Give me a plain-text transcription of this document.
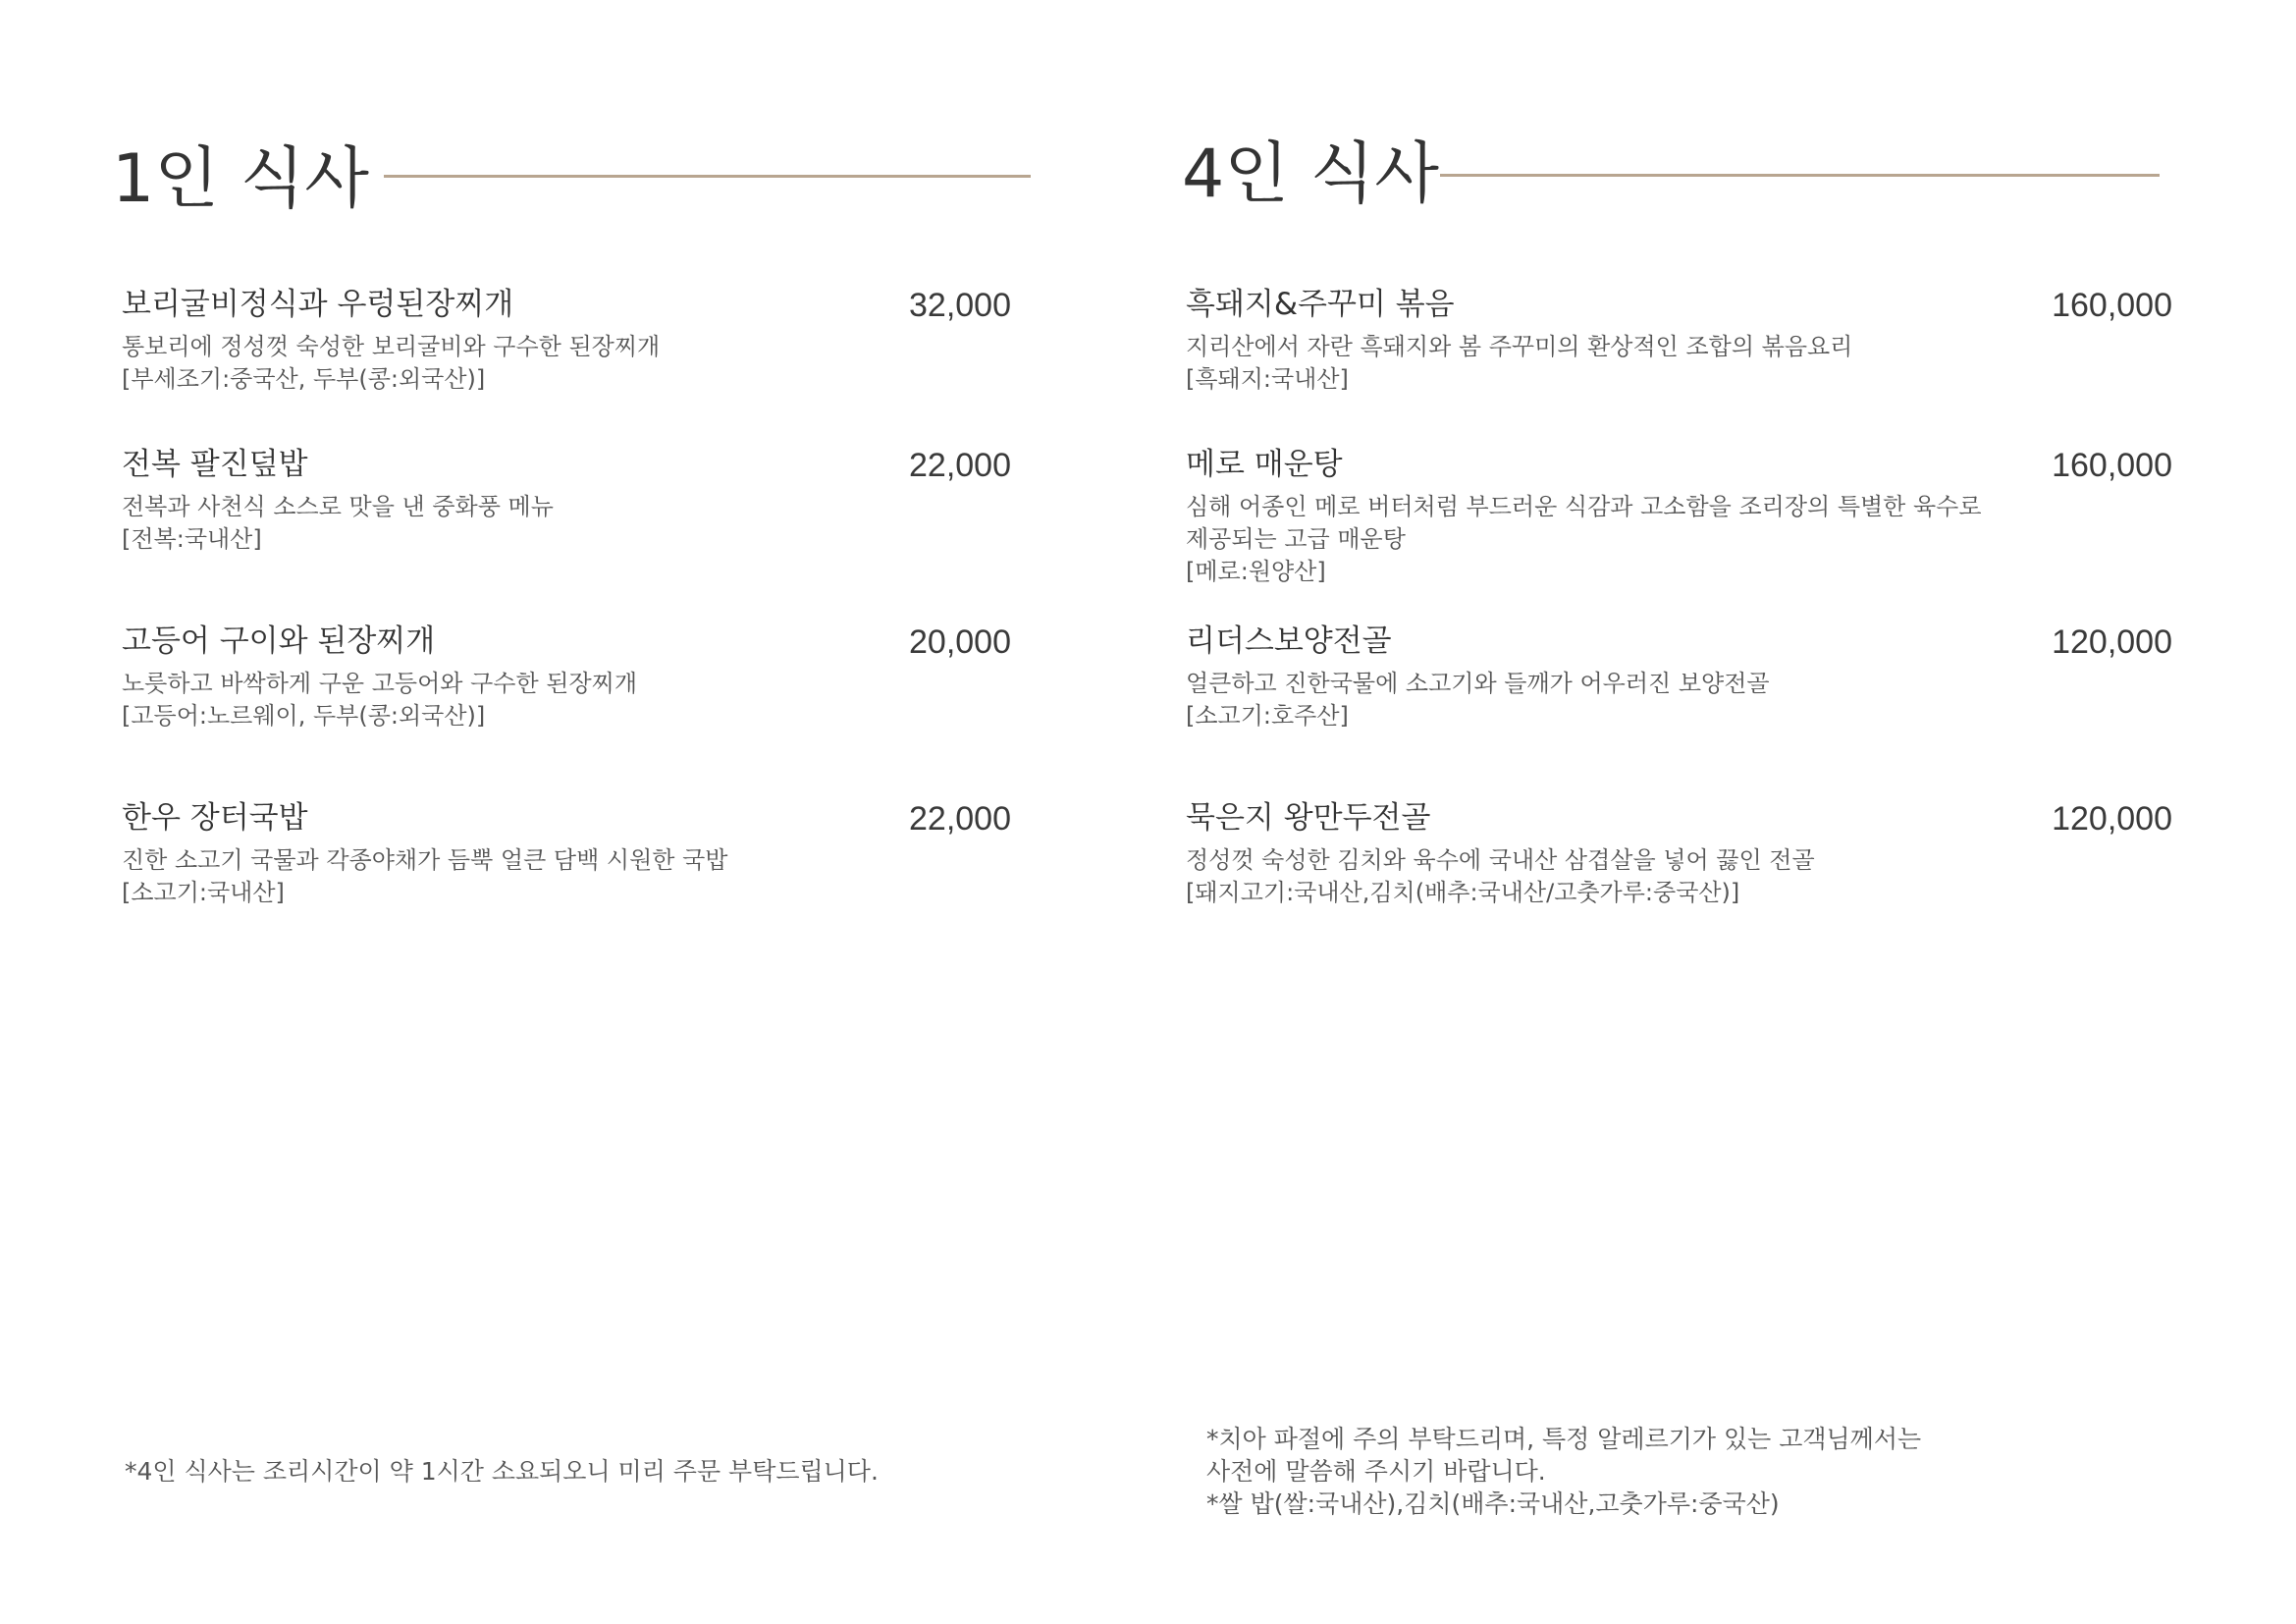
1인 식사
보리굴비정식과 우렁된장찌개	32,000
통보리에 정성껏 숙성한 보리굴비와 구수한 된장찌개
[부세조기:중국산, 두부(콩:외국산)]
전복 팔진덮밥	22,000
전복과 사천식 소스로 맛을 낸 중화풍 메뉴
[전복:국내산]
고등어 구이와 된장찌개	20,000
노릇하고 바싹하게 구운 고등어와 구수한 된장찌개
[고등어:노르웨이, 두부(콩:외국산)]
한우 장터국밥	22,000
진한 소고기 국물과 각종야채가 듬뿍 얼큰 담백 시원한 국밥
[소고기:국내산]

*4인 식사는 조리시간이 약 1시간 소요되오니 미리 주문 부탁드립니다.

4인 식사
흑돼지&주꾸미 볶음	160,000
지리산에서 자란 흑돼지와 봄 주꾸미의 환상적인 조합의 볶음요리
[흑돼지:국내산]
메로 매운탕	160,000
심해 어종인 메로 버터처럼 부드러운 식감과 고소함을 조리장의 특별한 육수로
제공되는 고급 매운탕
[메로:원양산]
리더스보양전골	120,000
얼큰하고 진한국물에 소고기와 들깨가 어우러진 보양전골
[소고기:호주산]
묵은지 왕만두전골	120,000
정성껏 숙성한 김치와 육수에 국내산 삼겹살을 넣어 끓인 전골
[돼지고기:국내산,김치(배추:국내산/고춧가루:중국산)]

*치아 파절에 주의 부탁드리며, 특정 알레르기가 있는 고객님께서는
사전에 말씀해 주시기 바랍니다.
*쌀 밥(쌀:국내산),김치(배추:국내산,고춧가루:중국산)
